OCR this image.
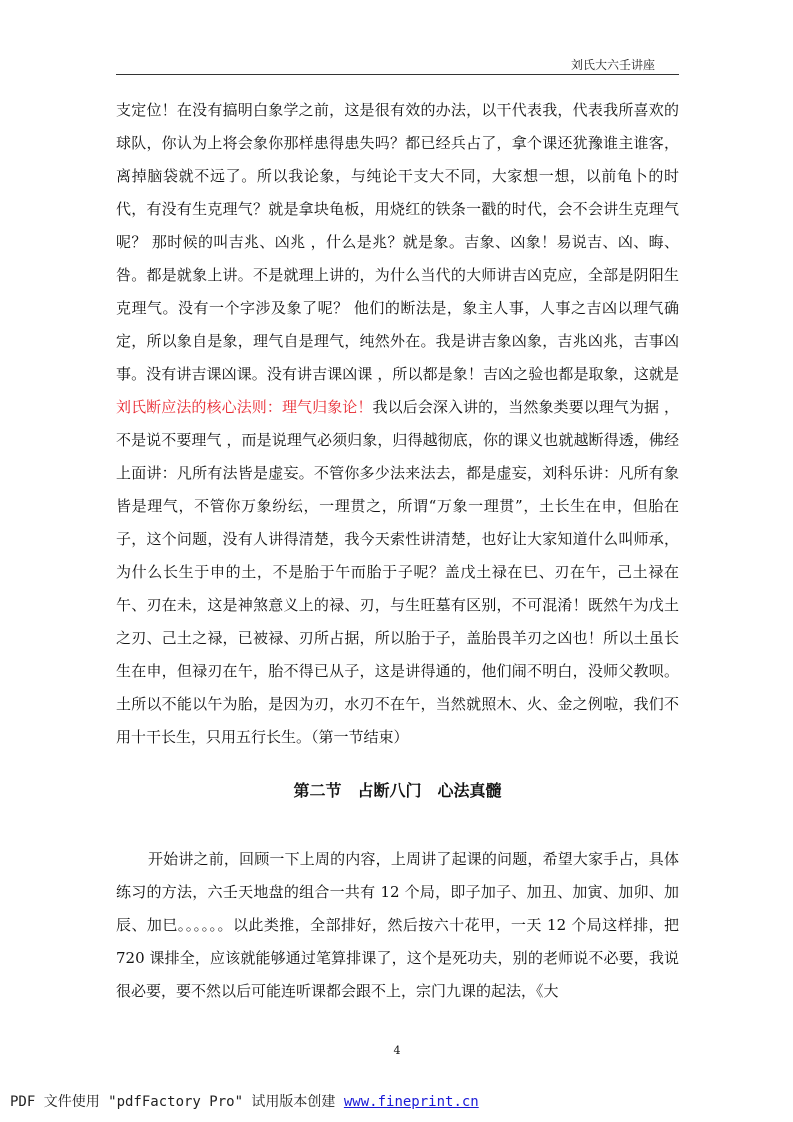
刘氏大六壬讲座

支定位！在没有搞明白象学之前，这是很有效的办法，以干代表我，代表我所喜欢的球队，你认为上将会象你那样患得患失吗？都已经兵占了，拿个课还犹豫谁主谁客，离掉脑袋就不远了。所以我论象，与纯论干支大不同，大家想一想，以前龟卜的时代，有没有生克理气？就是拿块龟板，用烧红的铁条一戳的时代，会不会讲生克理气呢？ 那时候的叫吉兆、凶兆 ，什么是兆？就是象。吉象、凶象！易说吉、凶、晦、咎。都是就象上讲。不是就理上讲的，为什么当代的大师讲吉凶克应，全部是阴阳生克理气。没有一个字涉及象了呢？ 他们的断法是，象主人事，人事之吉凶以理气确定，所以象自是象，理气自是理气，纯然外在。我是讲吉象凶象，吉兆凶兆，吉事凶事。没有讲吉课凶课。没有讲吉课凶课 ，所以都是象！吉凶之验也都是取象，这就是刘氏断应法的核心法则：理气归象论！我以后会深入讲的，当然象类要以理气为据 ，不是说不要理气 ，而是说理气必须归象，归得越彻底，你的课义也就越断得透，佛经上面讲：凡所有法皆是虚妄。不管你多少法来法去，都是虚妄，刘科乐讲：凡所有象皆是理气，不管你万象纷纭，一理贯之，所谓“万象一理贯”，土长生在申，但胎在子，这个问题，没有人讲得清楚，我今天索性讲清楚，也好让大家知道什么叫师承，为什么长生于申的土，不是胎于午而胎于子呢？盖戊土禄在巳、刃在午，己土禄在午、刃在未，这是神煞意义上的禄、刃，与生旺墓有区别，不可混淆！既然午为戊土之刃、己土之禄，已被禄、刃所占据，所以胎于子，盖胎畏羊刃之凶也！所以土虽长生在申，但禄刃在午，胎不得已从子，这是讲得通的，他们闹不明白，没师父教呗。土所以不能以午为胎，是因为刃，水刃不在午，当然就照木、火、金之例啦，我们不用十干长生，只用五行长生。（第一节结束）

第二节　占断八门　心法真髓

开始讲之前，回顾一下上周的内容，上周讲了起课的问题，希望大家手占，具体练习的方法，六壬天地盘的组合一共有 12 个局，即子加子、加丑、加寅、加卯、加辰、加巳。。。。。。以此类推，全部排好，然后按六十花甲，一天 12 个局这样排，把 720 课排全，应该就能够通过笔算排课了，这个是死功夫，别的老师说不必要，我说很必要，要不然以后可能连听课都会跟不上，宗门九课的起法，《大

4
PDF 文件使用 "pdfFactory Pro" 试用版本创建 www.fineprint.cn
